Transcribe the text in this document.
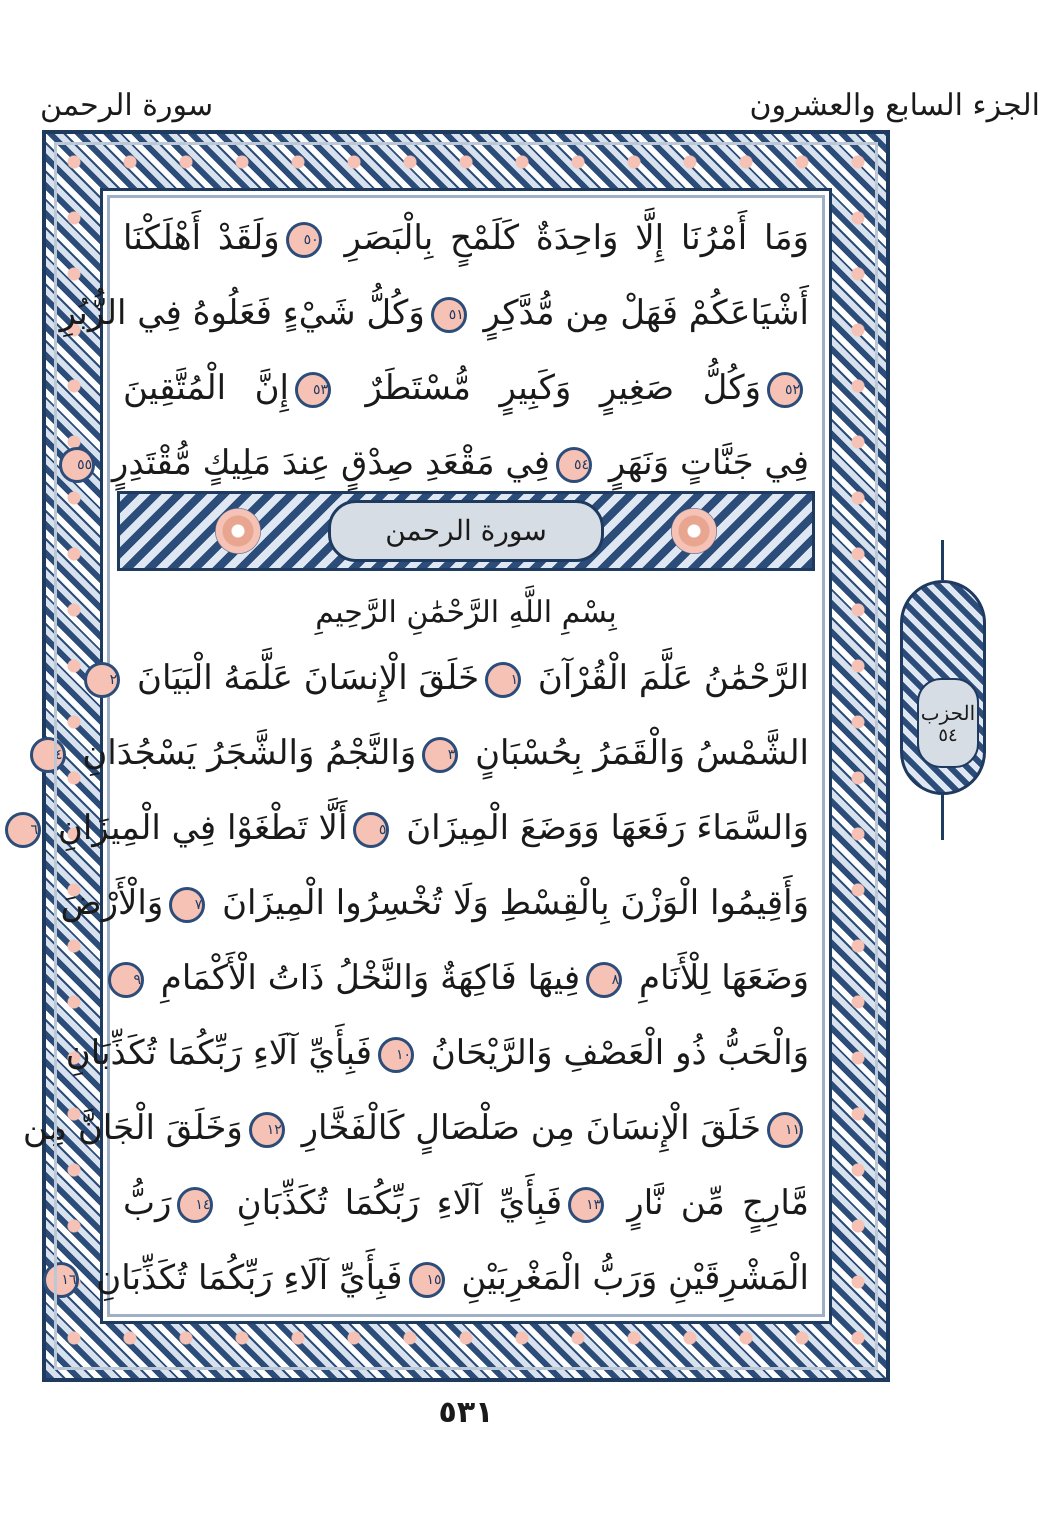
سورة الرحمن	الجزء السابع والعشرون
وَمَا أَمْرُنَا إِلَّا وَاحِدَةٌ كَلَمْحٍ بِالْبَصَرِ ٥٠وَلَقَدْ أَهْلَكْنَا
أَشْيَاعَكُمْ فَهَلْ مِن مُّدَّكِرٍ ٥١وَكُلُّ شَيْءٍ فَعَلُوهُ فِي الزُّبُرِ
٥٢وَكُلُّ صَغِيرٍ وَكَبِيرٍ مُّسْتَطَرٌ ٥٣إِنَّ الْمُتَّقِينَ
فِي جَنَّاتٍ وَنَهَرٍ ٥٤فِي مَقْعَدِ صِدْقٍ عِندَ مَلِيكٍ مُّقْتَدِرٍ ٥٥
سورة الرحمن
بِسْمِ اللَّهِ الرَّحْمَٰنِ الرَّحِيمِ
الرَّحْمَٰنُ عَلَّمَ الْقُرْآنَ ١خَلَقَ الْإِنسَانَ عَلَّمَهُ الْبَيَانَ ٢
الشَّمْسُ وَالْقَمَرُ بِحُسْبَانٍ ٣وَالنَّجْمُ وَالشَّجَرُ يَسْجُدَانِ ٤
وَالسَّمَاءَ رَفَعَهَا وَوَضَعَ الْمِيزَانَ ٥أَلَّا تَطْغَوْا فِي الْمِيزَانِ ٦
وَأَقِيمُوا الْوَزْنَ بِالْقِسْطِ وَلَا تُخْسِرُوا الْمِيزَانَ ٧وَالْأَرْضَ
وَضَعَهَا لِلْأَنَامِ ٨فِيهَا فَاكِهَةٌ وَالنَّخْلُ ذَاتُ الْأَكْمَامِ ٩
وَالْحَبُّ ذُو الْعَصْفِ وَالرَّيْحَانُ ١٠فَبِأَيِّ آلَاءِ رَبِّكُمَا تُكَذِّبَانِ
١١خَلَقَ الْإِنسَانَ مِن صَلْصَالٍ كَالْفَخَّارِ ١٢وَخَلَقَ الْجَانَّ مِن
مَّارِجٍ مِّن نَّارٍ ١٣فَبِأَيِّ آلَاءِ رَبِّكُمَا تُكَذِّبَانِ ١٤رَبُّ
الْمَشْرِقَيْنِ وَرَبُّ الْمَغْرِبَيْنِ ١٥فَبِأَيِّ آلَاءِ رَبِّكُمَا تُكَذِّبَانِ ١٦
الحزب
٥٤
٥٣١
